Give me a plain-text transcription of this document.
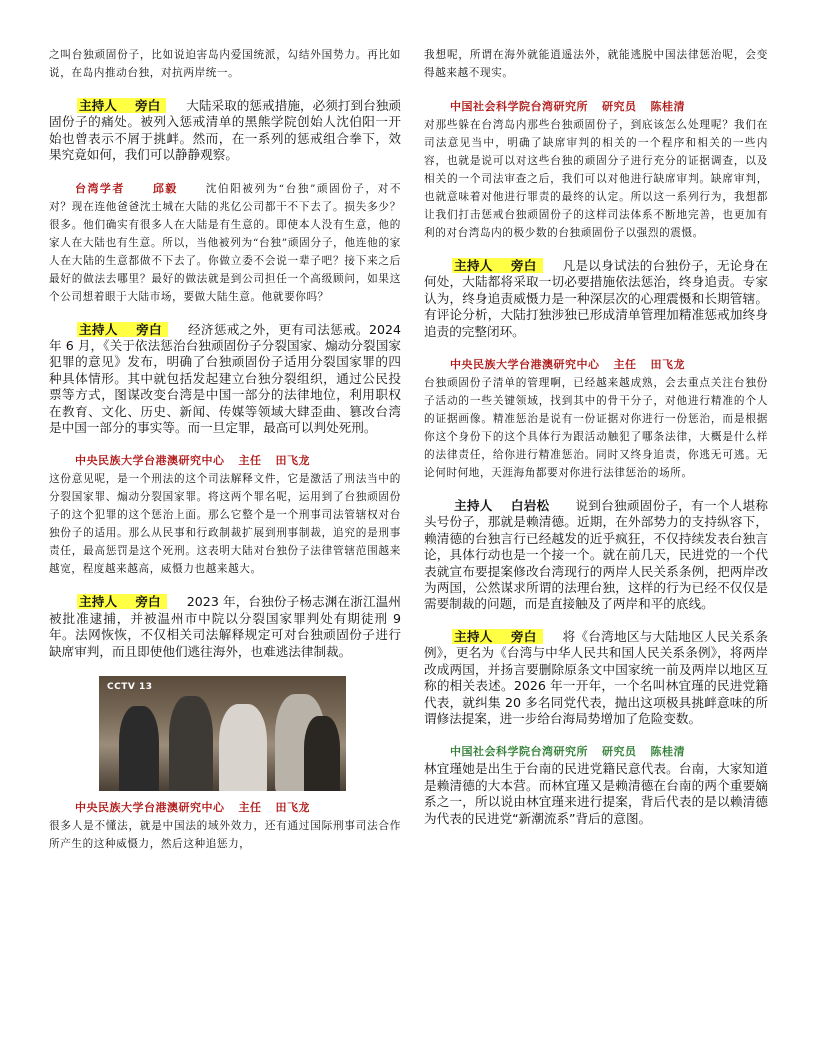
之叫台独顽固份子，比如说迫害岛内爱国统派，勾结外国势力。再比如说，在岛内推动台独，对抗两岸统一。

主持人 旁白 大陆采取的惩戒措施，必须打到台独顽固份子的痛处。被列入惩戒清单的黑熊学院创始人沈伯阳一开始也曾表示不屑于挑衅。然而，在一系列的惩戒组合拳下，效果究竟如何，我们可以静静观察。

台湾学者	邱毅	沈伯阳被列为“台独”顽固份子，对不对？现在连他爸爸沈土城在大陆的兆亿公司都干不下去了。损失多少？很多。他们确实有很多人在大陆是有生意的。即使本人没有生意，他的家人在大陆也有生意。所以，当他被列为“台独”顽固分子，他连他的家人在大陆的生意都做不下去了。你做立委不会说一辈子吧？接下来之后最好的做法去哪里？最好的做法就是到公司担任一个高级顾问，如果这个公司想着眼于大陆市场，要做大陆生意。他就要你吗？

主持人 旁白 经济惩戒之外，更有司法惩戒。2024 年 6 月，《关于依法惩治台独顽固份子分裂国家、煽动分裂国家犯罪的意见》发布，明确了台独顽固份子适用分裂国家罪的四种具体情形。其中就包括发起建立台独分裂组织，通过公民投票等方式，图谋改变台湾是中国一部分的法律地位，利用职权在教育、文化、历史、新闻、传媒等领域大肆歪曲、篡改台湾是中国一部分的事实等。而一旦定罪，最高可以判处死刑。

中央民族大学台港澳研究中心 主任 田飞龙

这份意见呢，是一个刑法的这个司法解释文件，它是激活了刑法当中的分裂国家罪、煽动分裂国家罪。将这两个罪名呢，运用到了台独顽固份子的这个犯罪的这个惩治上面。那么它整个是一个刑事司法管辖权对台独份子的适用。那么从民事和行政制裁扩展到刑事制裁，追究的是刑事责任，最高惩罚是这个死刑。这表明大陆对台独份子法律管辖范围越来越宽，程度越来越高，威慑力也越来越大。

主持人 旁白 2023 年，台独份子杨志渊在浙江温州被批准逮捕，并被温州市中院以分裂国家罪判处有期徒刑 9 年。法网恢恢，不仅相关司法解释规定可对台独顽固份子进行缺席审判，而且即使他们逃往海外，也难逃法律制裁。

CCTV 13
中央民族大学台港澳研究中心 主任 田飞龙

很多人是不懂法，就是中国法的域外效力，还有通过国际刑事司法合作所产生的这种威慑力，然后这种追惩力，

我想呢，所谓在海外就能逍遥法外，就能逃脱中国法律惩治呢，会变得越来越不现实。

中国社会科学院台湾研究所 研究员 陈桂清

对那些躲在台湾岛内那些台独顽固份子，到底该怎么处理呢？我们在司法意见当中，明确了缺席审判的相关的一个程序和相关的一些内容，也就是说可以对这些台独的顽固分子进行充分的证据调查，以及相关的一个司法审查之后，我们可以对他进行缺席审判。缺席审判，也就意味着对他进行罪责的最终的认定。所以这一系列行为，我想都让我们打击惩戒台独顽固份子的这样司法体系不断地完善，也更加有利的对台湾岛内的极少数的台独顽固份子以强烈的震慑。

主持人 旁白 凡是以身试法的台独份子，无论身在何处，大陆都将采取一切必要措施依法惩治，终身追责。专家认为，终身追责威慑力是一种深层次的心理震慑和长期管辖。有评论分析，大陆打独涉独已形成清单管理加精准惩戒加终身追责的完整闭环。

中央民族大学台港澳研究中心 主任 田飞龙

台独顽固份子清单的管理啊，已经越来越成熟，会去重点关注台独份子活动的一些关键领域，找到其中的骨干分子，对他进行精准的个人的证据画像。精准惩治是说有一份证据对你进行一份惩治，而是根据你这个身份下的这个具体行为跟活动触犯了哪条法律，大概是什么样的法律责任，给你进行精准惩治。同时又终身追责，你逃无可逃。无论何时何地，天涯海角都要对你进行法律惩治的场所。

主持人 白岩松 说到台独顽固份子，有一个人堪称头号份子，那就是赖清德。近期，在外部势力的支持纵容下，赖清德的台独言行已经越发的近乎疯狂，不仅持续发表台独言论，具体行动也是一个接一个。就在前几天，民进党的一个代表就宣布要提案修改台湾现行的两岸人民关系条例，把两岸改为两国，公然谋求所谓的法理台独，这样的行为已经不仅仅是需要制裁的问题，而是直接触及了两岸和平的底线。

主持人 旁白 将《台湾地区与大陆地区人民关系条例》，更名为《台湾与中华人民共和国人民关系条例》，将两岸改成两国，并扬言要删除原条文中国家统一前及两岸以地区互称的相关表述。2026 年一开年，一个名叫林宜瑾的民进党籍代表，就纠集 20 多名同党代表，抛出这项极具挑衅意味的所谓修法提案，进一步给台海局势增加了危险变数。

中国社会科学院台湾研究所 研究员 陈桂清

林宜瑾她是出生于台南的民进党籍民意代表。台南，大家知道是赖清德的大本营。而林宜瑾又是赖清德在台南的两个重要嫡系之一，所以说由林宜瑾来进行提案，背后代表的是以赖清德为代表的民进党“新潮流系”背后的意图。
